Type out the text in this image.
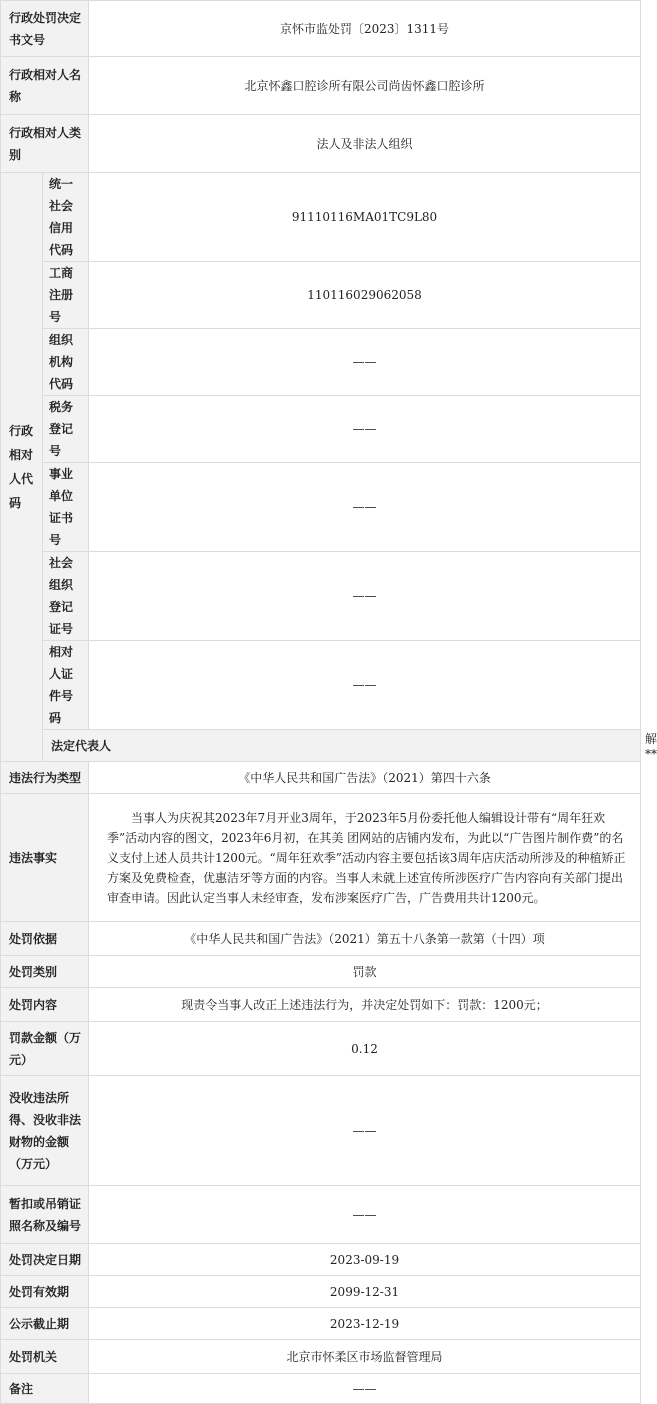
行政处罚决定书文号		京怀市监处罚〔2023〕1311号	
行政相对人名称		北京怀鑫口腔诊所有限公司尚齿怀鑫口腔诊所	
行政相对人类别		法人及非法人组织	
行政相对人代码	统一社会信用代码	91110116MA01TC9L80	
	工商注册号	110116029062058	
	组织机构代码	——	
	税务登记号	——	
	事业单位证书号	——	
	社会组织登记证号	——	
	相对人证件号码	——	
	法定代表人		解**
违法行为类型		《中华人民共和国广告法》（2021）第四十六条	
违法事实		当事人为庆祝其2023年7月开业3周年，于2023年5月份委托他人编辑设计带有“周年狂欢季”活动内容的图文，2023年6月初，在其美 团网站的店铺内发布，为此以“广告图片制作费”的名义支付上述人员共计1200元。“周年狂欢季”活动内容主要包括该3周年店庆活动所涉及的种植矫正方案及免费检查，优惠洁牙等方面的内容。当事人未就上述宣传所涉医疗广告内容向有关部门提出审查申请。因此认定当事人未经审查，发布涉案医疗广告，广告费用共计1200元。	
处罚依据		《中华人民共和国广告法》（2021）第五十八条第一款第（十四）项	
处罚类别		罚款	
处罚内容		现责令当事人改正上述违法行为，并决定处罚如下：罚款：1200元；	
罚款金额（万元）		0.12	
没收违法所得、没收非法财物的金额（万元）		——	
暂扣或吊销证照名称及编号		——	
处罚决定日期		2023-09-19	
处罚有效期		2099-12-31	
公示截止期		2023-12-19	
处罚机关		北京市怀柔区市场监督管理局	
备注		——	
